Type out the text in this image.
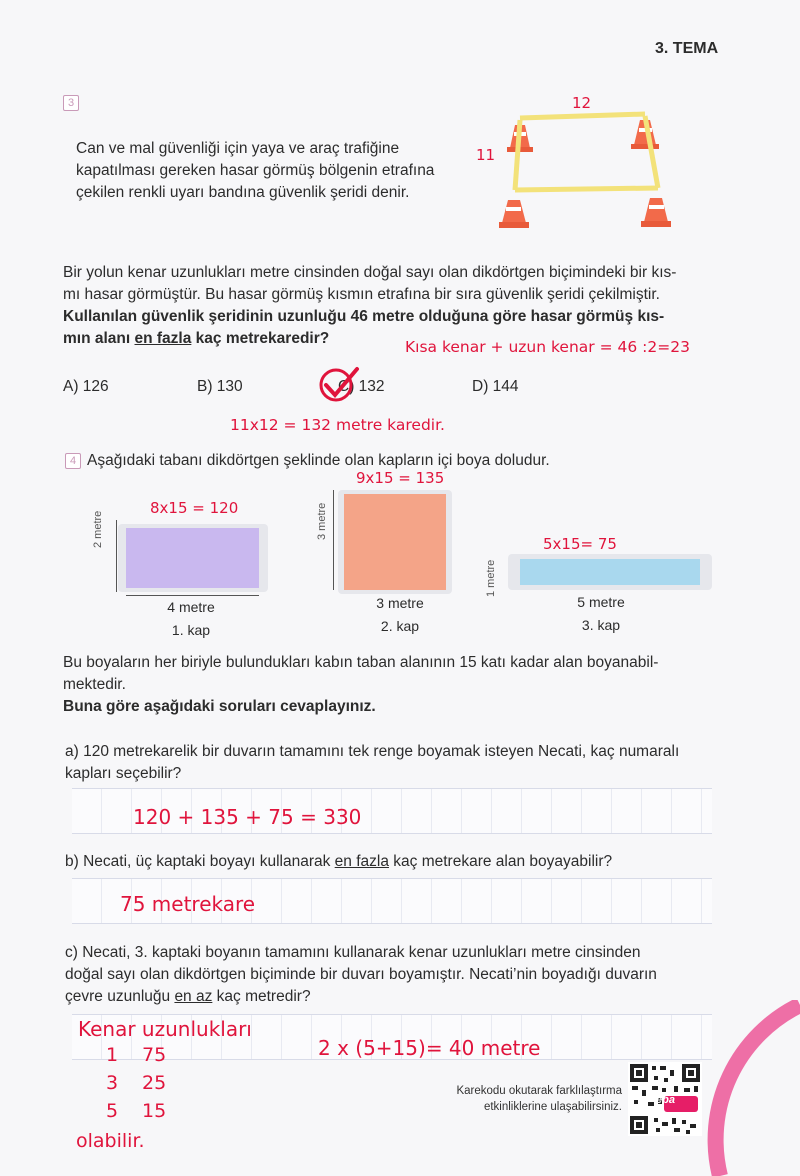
3. TEMA
3
Can ve mal güvenliği için yaya ve araç trafiğine
kapatılması gereken hasar görmüş bölgenin etrafına
çekilen renkli uyarı bandına güvenlik şeridi denir.
12
11
Bir yolun kenar uzunlukları metre cinsinden doğal sayı olan dikdörtgen biçimindeki bir kıs-
mı hasar görmüştür. Bu hasar görmüş kısmın etrafına bir sıra güvenlik şeridi çekilmiştir.
Kullanılan güvenlik şeridinin uzunluğu 46 metre olduğuna göre hasar görmüş kıs-
mın alanı en fazla kaç metrekaredir?	Kısa kenar + uzun kenar = 46 :2=23
A) 126	B) 130	C) 132	D) 144
11x12 = 132 metre karedir.
4 Aşağıdaki tabanı dikdörtgen şeklinde olan kapların içi boya doludur.
8x15 = 120
2 metre
4 metre
1. kap
9x15 = 135
3 metre
3 metre
2. kap
5x15= 75
1 metre
5 metre
3. kap
Bu boyaların her biriyle bulundukları kabın taban alanının 15 katı kadar alan boyanabil-
mektedir.
Buna göre aşağıdaki soruları cevaplayınız.
a) 120 metrekarelik bir duvarın tamamını tek renge boyamak isteyen Necati, kaç numaralı
kapları seçebilir?
120 + 135 + 75 = 330
b) Necati, üç kaptaki boyayı kullanarak en fazla kaç metrekare alan boyayabilir?
75 metrekare
c) Necati, 3. kaptaki boyanın tamamını kullanarak kenar uzunlukları metre cinsinden
doğal sayı olan dikdörtgen biçiminde bir duvarı boyamıştır. Necati’nin boyadığı duvarın
çevre uzunluğu en az kaç metredir?
Kenar uzunlukları
2 x (5+15)= 40 metre
1 75
3 25
5 15
olabilir.
Karekodu okutarak farklılaştırma
etkinliklerine ulaşabilirsiniz.
eba
